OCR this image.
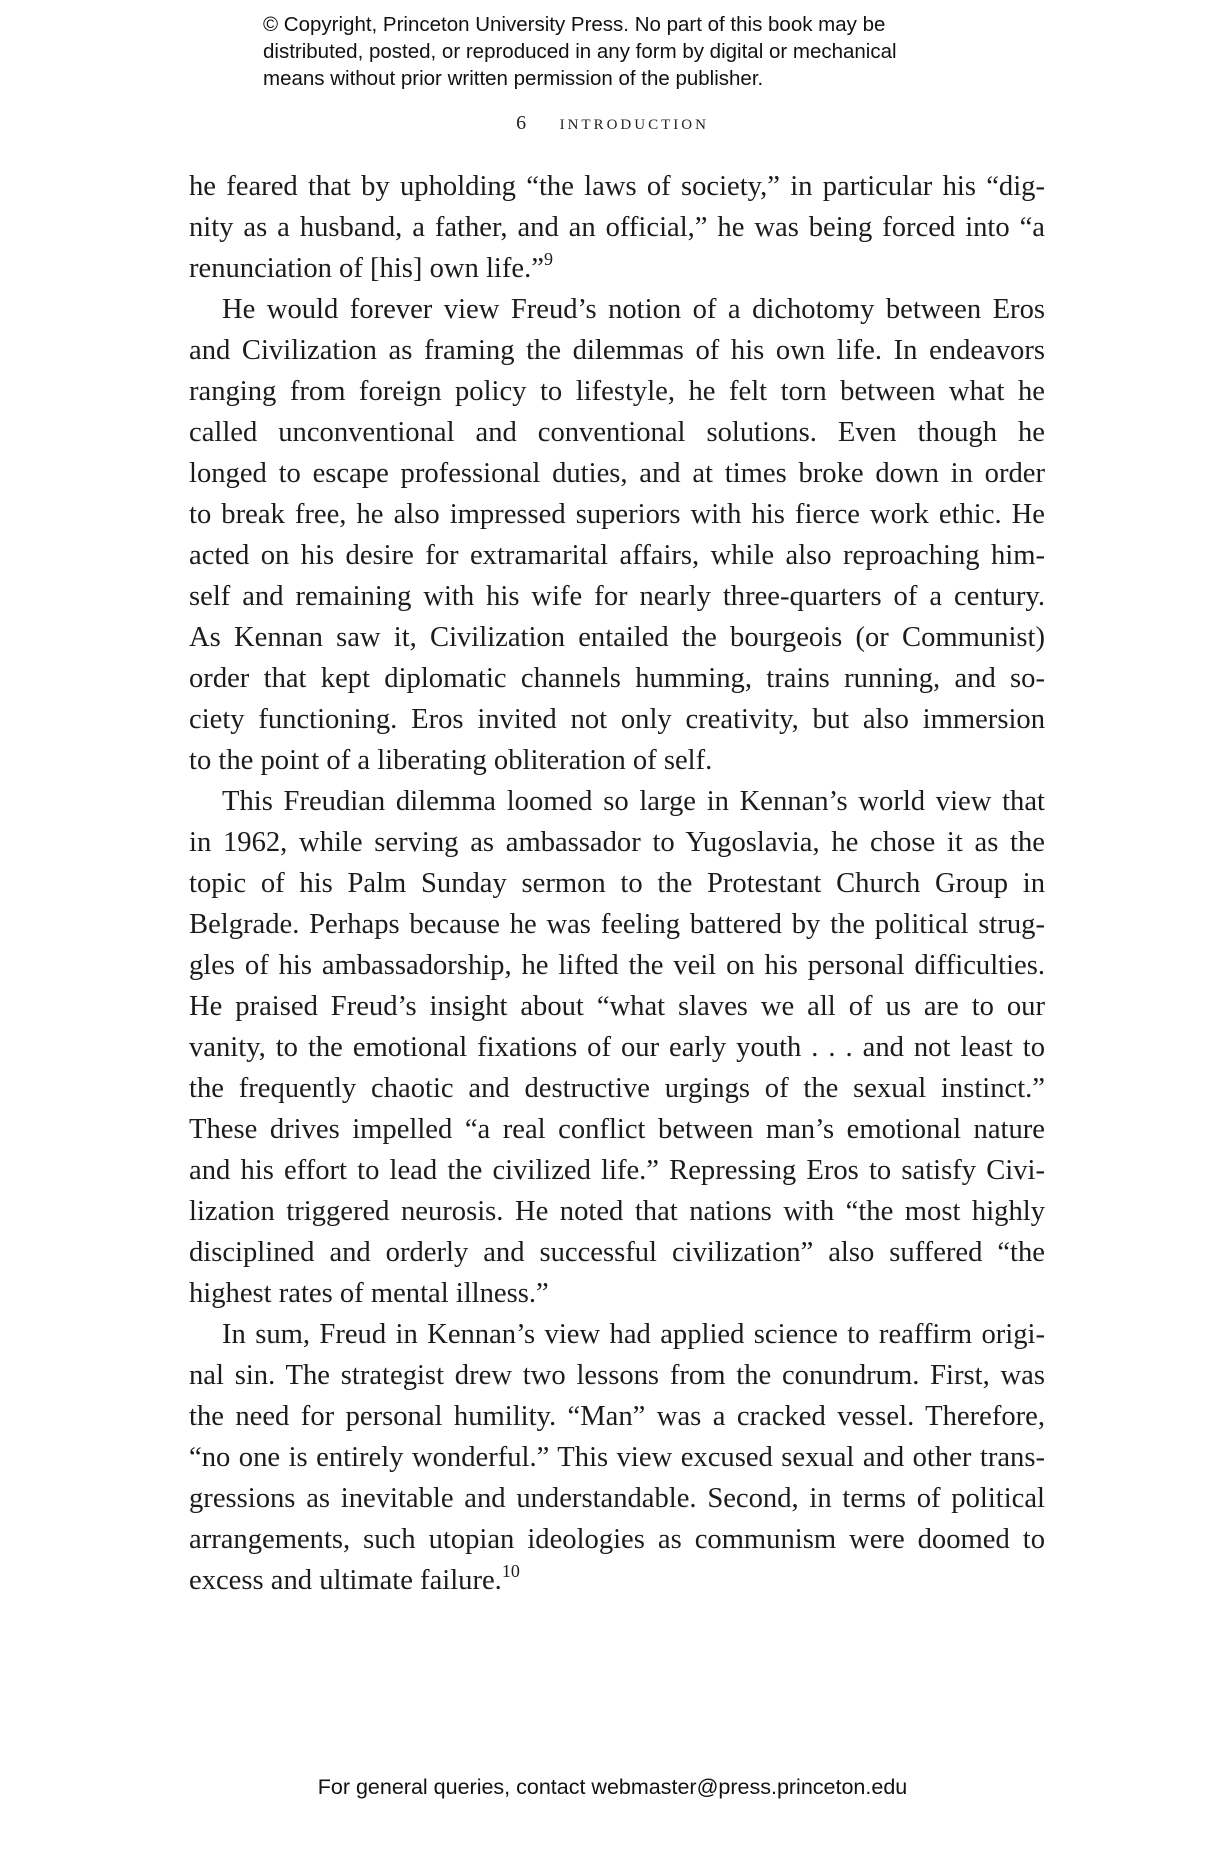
© Copyright, Princeton University Press. No part of this book may be
distributed, posted, or reproduced in any form by digital or mechanical
means without prior written permission of the publisher.
6 introduction
he feared that by upholding “the laws of society,” in particular his “dig-
nity as a husband, a father, and an official,” he was being forced into “a
renunciation of [his] own life.”$^9$
He would forever view Freud’s notion of a dichotomy between Eros
and Civilization as framing the dilemmas of his own life. In endeavors
ranging from foreign policy to lifestyle, he felt torn between what he
called unconventional and conventional solutions. Even though he
longed to escape professional duties, and at times broke down in order
to break free, he also impressed superiors with his fierce work ethic. He
acted on his desire for extramarital affairs, while also reproaching him-
self and remaining with his wife for nearly three-quarters of a century.
As Kennan saw it, Civilization entailed the bourgeois (or Communist)
order that kept diplomatic channels humming, trains running, and so-
ciety functioning. Eros invited not only creativity, but also immersion
to the point of a liberating obliteration of self.
This Freudian dilemma loomed so large in Kennan’s world view that
in 1962, while serving as ambassador to Yugoslavia, he chose it as the
topic of his Palm Sunday sermon to the Protestant Church Group in
Belgrade. Perhaps because he was feeling battered by the political strug-
gles of his ambassadorship, he lifted the veil on his personal difficulties.
He praised Freud’s insight about “what slaves we all of us are to our
vanity, to the emotional fixations of our early youth . . . and not least to
the frequently chaotic and destructive urgings of the sexual instinct.”
These drives impelled “a real conflict between man’s emotional nature
and his effort to lead the civilized life.” Repressing Eros to satisfy Civi-
lization triggered neurosis. He noted that nations with “the most highly
disciplined and orderly and successful civilization” also suffered “the
highest rates of mental illness.”
In sum, Freud in Kennan’s view had applied science to reaffirm origi-
nal sin. The strategist drew two lessons from the conundrum. First, was
the need for personal humility. “Man” was a cracked vessel. Therefore,
“no one is entirely wonderful.” This view excused sexual and other trans-
gressions as inevitable and understandable. Second, in terms of political
arrangements, such utopian ideologies as communism were doomed to
excess and ultimate failure.$^{10}$
For general queries, contact webmaster@press.princeton.edu
